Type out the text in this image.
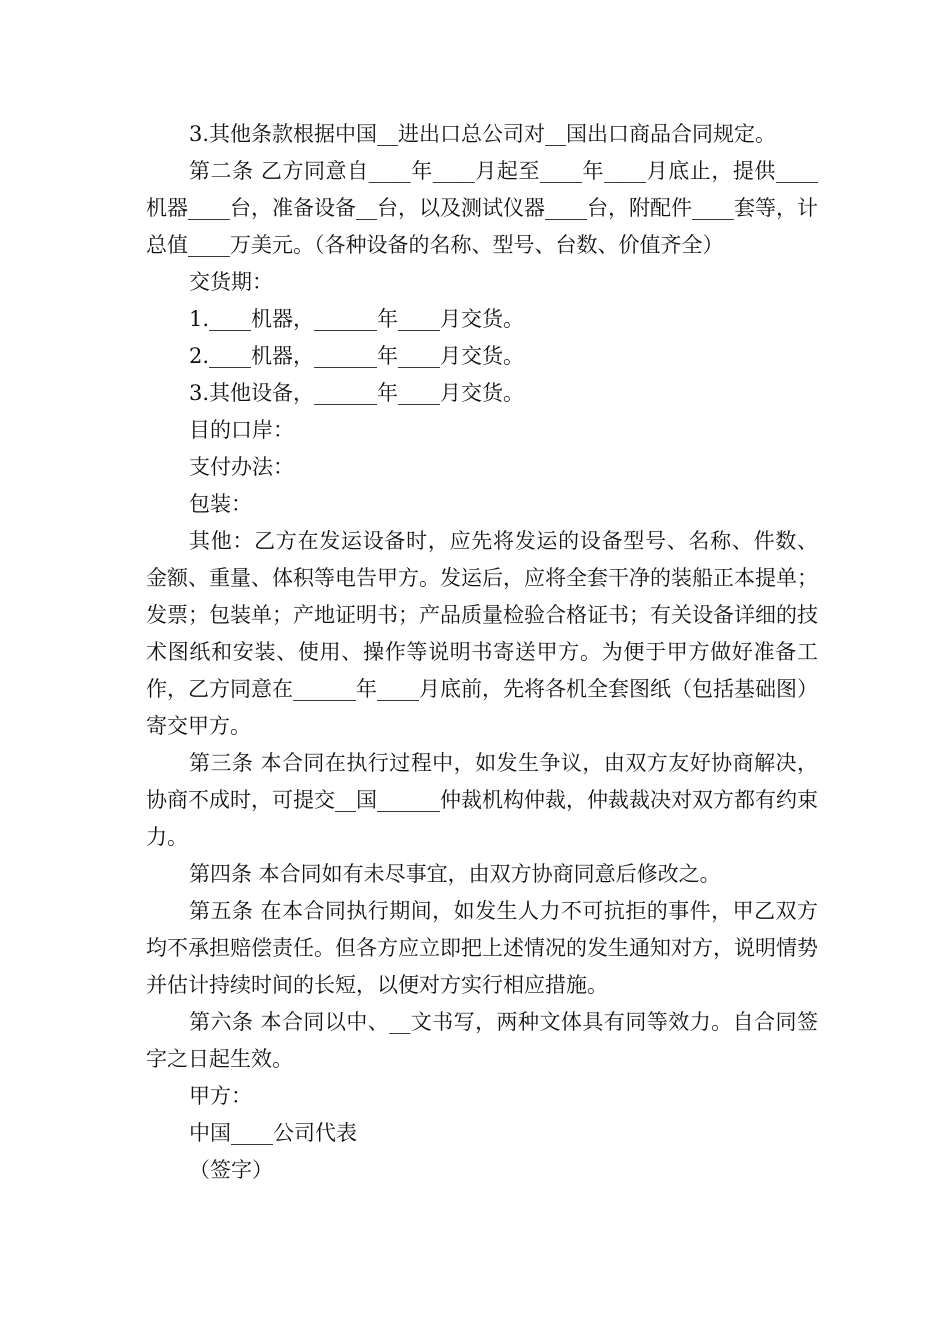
3.其他条款根据中国__进出口总公司对__国出口商品合同规定。

第二条 乙方同意自____年____月起至____年____月底止，提供____机器____台，准备设备__台，以及测试仪器____台，附配件____套等，计总值____万美元。（各种设备的名称、型号、台数、价值齐全）

交货期：

1.____机器，______年____月交货。

2.____机器，______年____月交货。

3.其他设备，______年____月交货。

目的口岸：

支付办法：

包装：

其他：乙方在发运设备时，应先将发运的设备型号、名称、件数、金额、重量、体积等电告甲方。发运后，应将全套干净的装船正本提单；发票；包装单；产地证明书；产品质量检验合格证书；有关设备详细的技术图纸和安装、使用、操作等说明书寄送甲方。为便于甲方做好准备工作，乙方同意在______年____月底前，先将各机全套图纸（包括基础图）寄交甲方。

第三条 本合同在执行过程中，如发生争议，由双方友好协商解决，协商不成时，可提交__国______仲裁机构仲裁，仲裁裁决对双方都有约束力。

第四条 本合同如有未尽事宜，由双方协商同意后修改之。

第五条 在本合同执行期间，如发生人力不可抗拒的事件，甲乙双方均不承担赔偿责任。但各方应立即把上述情况的发生通知对方，说明情势并估计持续时间的长短，以便对方实行相应措施。

第六条 本合同以中、__文书写，两种文体具有同等效力。自合同签字之日起生效。

甲方：

中国____公司代表

（签字）
